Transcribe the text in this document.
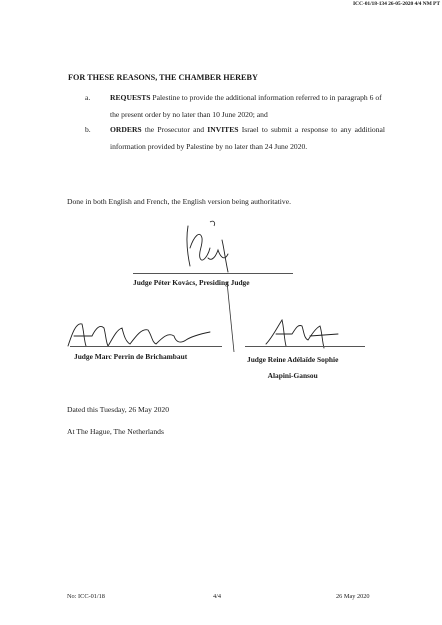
ICC-01/18-134 26-05-2020 4/4 NM PT
FOR THESE REASONS, THE CHAMBER HEREBY
a.	REQUESTS Palestine to provide the additional information referred to in paragraph 6 of the present order by no later than 10 June 2020; and
b.	ORDERS the Prosecutor and INVITES Israel to submit a response to any additional information provided by Palestine by no later than 24 June 2020.
Done in both English and French, the English version being authoritative.
Judge Péter Kovács, Presiding Judge
Judge Marc Perrin de Brichambaut	Judge Reine Adélaïde Sophie
Alapini-Gansou
Dated this Tuesday, 26 May 2020
At The Hague, The Netherlands
No: ICC-01/18	4/4	26 May 2020
